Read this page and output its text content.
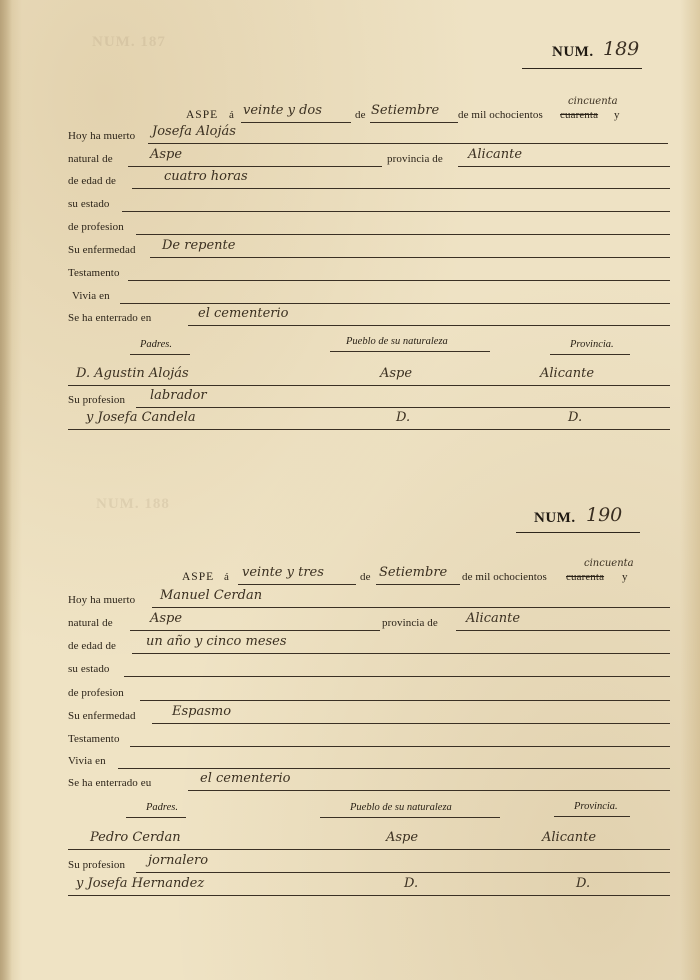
NUM. 187
NUM. 188
NUM. 189
cincuenta
ASPE á veinte y dos	de Setiembre de mil ochocientos cuarenta y
Hoy ha muerto Josefa Alojás
natural de	Aspe	provincia de Alicante
de edad de	cuatro horas
su estado
de profesion
Su enfermedad De repente
Testamento
Vivia en
Se ha enterrado en	el cementerio
Padres.	Pueblo de su naturaleza	Provincia.
D. Agustin Alojás	Aspe	Alicante
Su profesion labrador
y Josefa Candela	D.	D.
NUM. 190
cincuenta
ASPE á veinte y tres	de Setiembre de mil ochocientos cuarenta y
Hoy ha muerto Manuel Cerdan
natural de	Aspe	provincia de Alicante
de edad de un año y cinco meses
su estado
de profesion
Su enfermedad	Espasmo
Testamento
Vivia en
Se ha enterrado eu	el cementerio
Padres.	Pueblo de su naturaleza	Provincia.
Pedro Cerdan	Aspe	Alicante
Su profesion jornalero
y Josefa Hernandez	D.	D.
